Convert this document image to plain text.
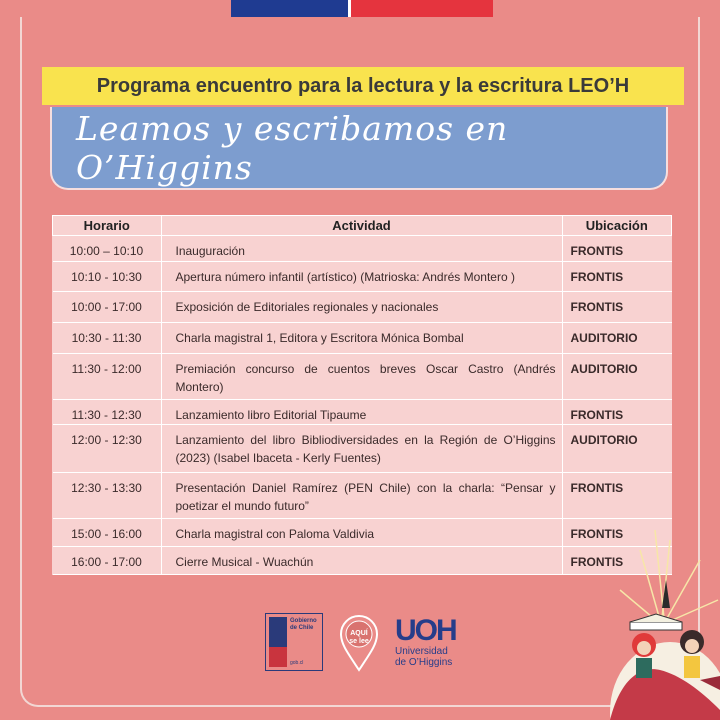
Programa encuentro para la lectura y la escritura LEO’H
Leamos y escribamos en O’Higgins
Horario	Actividad	Ubicación
10:00 – 10:10	Inauguración	FRONTIS
10:10 - 10:30	Apertura número infantil (artístico) (Matrioska: Andrés Montero )	FRONTIS
10:00 - 17:00	Exposición de Editoriales regionales y nacionales	FRONTIS
10:30 - 11:30	Charla magistral 1, Editora y Escritora Mónica Bombal	AUDITORIO
11:30 - 12:00	Premiación concurso de cuentos breves Oscar Castro (Andrés Montero)	AUDITORIO
11:30 - 12:30	Lanzamiento libro Editorial Tipaume	FRONTIS
12:00 - 12:30	Lanzamiento del libro Bibliodiversidades en la Región de O’Higgins (2023) (Isabel Ibaceta - Kerly Fuentes)	AUDITORIO
12:30 - 13:30	Presentación Daniel Ramírez (PEN Chile) con la charla: “Pensar y poetizar el mundo futuro”	FRONTIS
15:00 - 16:00	Charla magistral con Paloma Valdivia	FRONTIS
16:00 - 17:00	Cierre Musical - Wuachún	FRONTIS
Gobierno
de Chile
gob.cl
AQUÍ
se lee UOH
Universidad
de O’Higgins
